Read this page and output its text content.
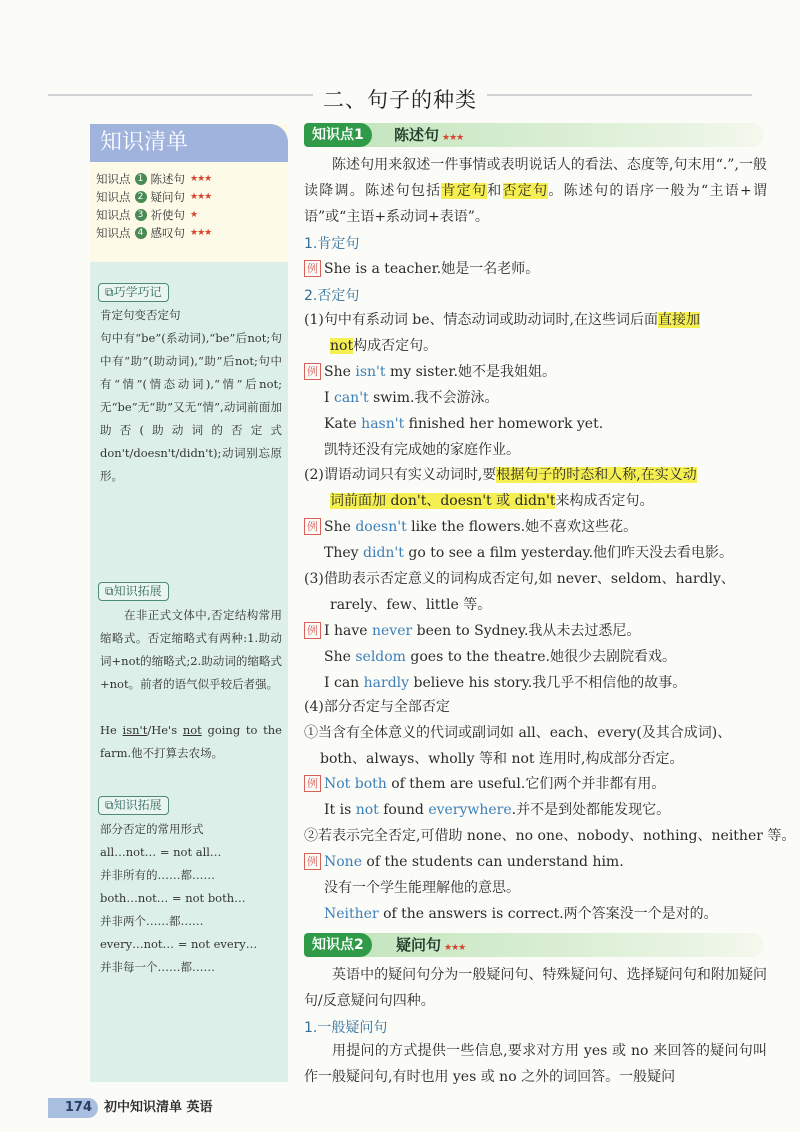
二、句子的种类
知识清单
知识点 1 陈述句 ★★★
知识点 2 疑问句 ★★★
知识点 3 祈使句 ★
知识点 4 感叹句 ★★★
⧉巧学巧记
肯定句变否定句
句中有“be”(系动词),“be”后not;句中有“助”(助动词),“助”后not;句中有“情”(情态动词),“情”后not;无“be”无“助”又无“情”,动词前面加助否(助动词的否定式don't/doesn't/didn't);动词别忘原形。
⧉知识拓展
在非正式文体中,否定结构常用缩略式。否定缩略式有两种:1.助动词+not的缩略式;2.助动词的缩略式+not。前者的语气似乎较后者强。
He isn't/He's not going to the farm.他不打算去农场。
⧉知识拓展
部分否定的常用形式
all…not… = not all…
并非所有的……都……
both…not… = not both…
并非两个……都……
every…not… = not every…
并非每一个……都……
知识点1	陈述句 ★★★
陈述句用来叙述一件事情或表明说话人的看法、态度等,句末用“.”,一般读降调。陈述句包括肯定句和否定句。陈述句的语序一般为“主语+谓语”或“主语+系动词+表语”。
1.肯定句
例 She is a teacher.她是一名老师。
2.否定句
(1)句中有系动词 be、情态动词或助动词时,在这些词后面直接加
not构成否定句。
例 She isn't my sister.她不是我姐姐。
I can't swim.我不会游泳。
Kate hasn't finished her homework yet.
凯特还没有完成她的家庭作业。
(2)谓语动词只有实义动词时,要根据句子的时态和人称,在实义动
词前面加 don't、doesn't 或 didn't来构成否定句。
例 She doesn't like the flowers.她不喜欢这些花。
They didn't go to see a film yesterday.他们昨天没去看电影。
(3)借助表示否定意义的词构成否定句,如 never、seldom、hardly、
rarely、few、little 等。
例 I have never been to Sydney.我从未去过悉尼。
She seldom goes to the theatre.她很少去剧院看戏。
I can hardly believe his story.我几乎不相信他的故事。
(4)部分否定与全部否定
①当含有全体意义的代词或副词如 all、each、every(及其合成词)、
both、always、wholly 等和 not 连用时,构成部分否定。
例 Not both of them are useful.它们两个并非都有用。
It is not found everywhere.并不是到处都能发现它。
②若表示完全否定,可借助 none、no one、nobody、nothing、neither 等。
例 None of the students can understand him.
没有一个学生能理解他的意思。
Neither of the answers is correct.两个答案没一个是对的。
知识点2	疑问句 ★★★
英语中的疑问句分为一般疑问句、特殊疑问句、选择疑问句和附加疑问句/反意疑问句四种。
1.一般疑问句
用提问的方式提供一些信息,要求对方用 yes 或 no 来回答的疑问句叫作一般疑问句,有时也用 yes 或 no 之外的词回答。一般疑问
174 初中知识清单 英语
